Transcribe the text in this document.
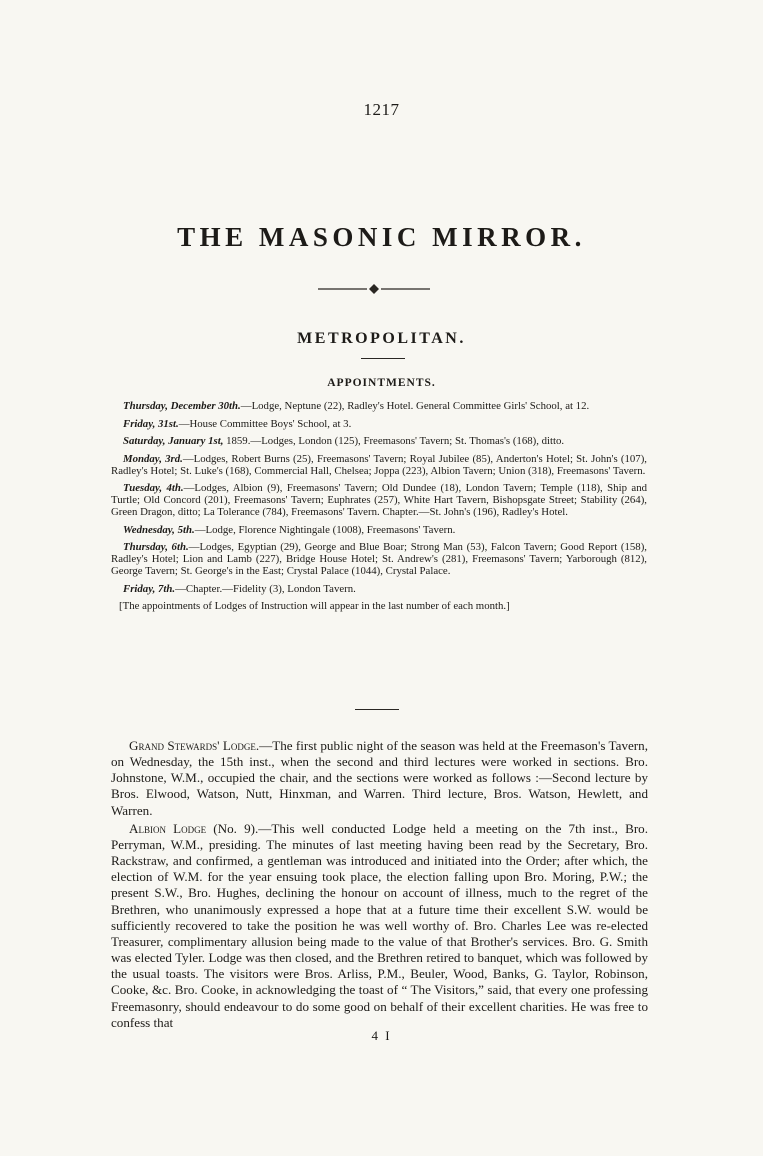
1217
THE MASONIC MIRROR.
METROPOLITAN.
APPOINTMENTS.

Thursday, December 30th.—Lodge, Neptune (22), Radley's Hotel. General Committee Girls' School, at 12.

Friday, 31st.—House Committee Boys' School, at 3.

Saturday, January 1st, 1859.—Lodges, London (125), Freemasons' Tavern; St. Thomas's (168), ditto.

Monday, 3rd.—Lodges, Robert Burns (25), Freemasons' Tavern; Royal Jubilee (85), Anderton's Hotel; St. John's (107), Radley's Hotel; St. Luke's (168), Commercial Hall, Chelsea; Joppa (223), Albion Tavern; Union (318), Freemasons' Tavern.

Tuesday, 4th.—Lodges, Albion (9), Freemasons' Tavern; Old Dundee (18), London Tavern; Temple (118), Ship and Turtle; Old Concord (201), Freemasons' Tavern; Euphrates (257), White Hart Tavern, Bishopsgate Street; Stability (264), Green Dragon, ditto; La Tolerance (784), Freemasons' Tavern. Chapter.—St. John's (196), Radley's Hotel.

Wednesday, 5th.—Lodge, Florence Nightingale (1008), Freemasons' Tavern.

Thursday, 6th.—Lodges, Egyptian (29), George and Blue Boar; Strong Man (53), Falcon Tavern; Good Report (158), Radley's Hotel; Lion and Lamb (227), Bridge House Hotel; St. Andrew's (281), Freemasons' Tavern; Yarborough (812), George Tavern; St. George's in the East; Crystal Palace (1044), Crystal Palace.

Friday, 7th.—Chapter.—Fidelity (3), London Tavern.

[The appointments of Lodges of Instruction will appear in the last number of each month.]

Grand Stewards' Lodge.—The first public night of the season was held at the Freemason's Tavern, on Wednesday, the 15th inst., when the second and third lectures were worked in sections. Bro. Johnstone, W.M., occupied the chair, and the sections were worked as follows :—Second lecture by Bros. Elwood, Watson, Nutt, Hinxman, and Warren. Third lecture, Bros. Watson, Hewlett, and Warren.

Albion Lodge (No. 9).—This well conducted Lodge held a meeting on the 7th inst., Bro. Perryman, W.M., presiding. The minutes of last meeting having been read by the Secretary, Bro. Rackstraw, and confirmed, a gentleman was introduced and initiated into the Order; after which, the election of W.M. for the year ensuing took place, the election falling upon Bro. Moring, P.W.; the present S.W., Bro. Hughes, declining the honour on account of illness, much to the regret of the Brethren, who unanimously expressed a hope that at a future time their excellent S.W. would be sufficiently recovered to take the position he was well worthy of. Bro. Charles Lee was re-elected Treasurer, complimentary allusion being made to the value of that Brother's services. Bro. G. Smith was elected Tyler. Lodge was then closed, and the Brethren retired to banquet, which was followed by the usual toasts. The visitors were Bros. Arliss, P.M., Beuler, Wood, Banks, G. Taylor, Robinson, Cooke, &c. Bro. Cooke, in acknowledging the toast of “ The Visitors,” said, that every one professing Freemasonry, should endeavour to do some good on behalf of their excellent charities. He was free to confess that

4 I
